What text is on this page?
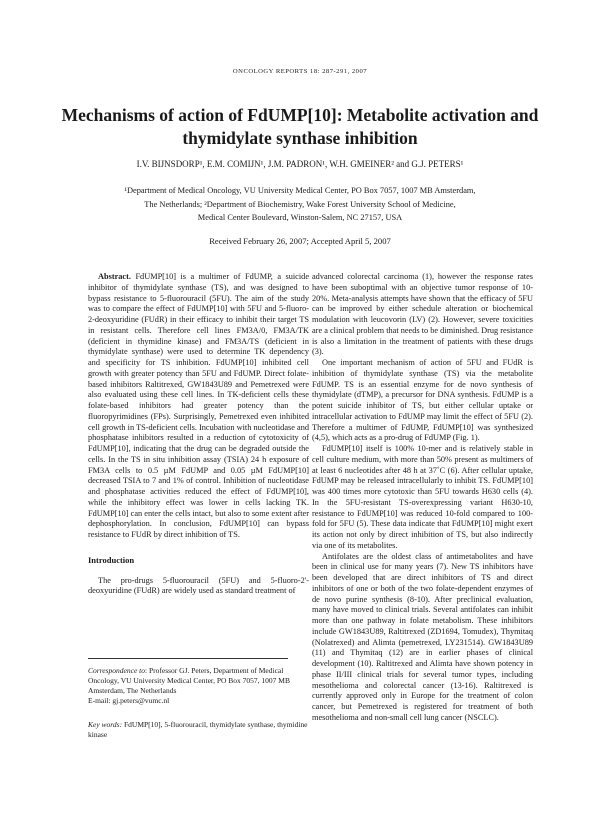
ONCOLOGY REPORTS 18: 287-291, 2007
Mechanisms of action of FdUMP[10]: Metabolite activation and thymidylate synthase inhibition
I.V. BIJNSDORP¹, E.M. COMIJN¹, J.M. PADRON¹, W.H. GMEINER² and G.J. PETERS¹
¹Department of Medical Oncology, VU University Medical Center, PO Box 7057, 1007 MB Amsterdam,
The Netherlands; ²Department of Biochemistry, Wake Forest University School of Medicine,
Medical Center Boulevard, Winston-Salem, NC 27157, USA
Received February 26, 2007; Accepted April 5, 2007

Abstract. FdUMP[10] is a multimer of FdUMP, a suicide inhibitor of thymidylate synthase (TS), and was designed to bypass resistance to 5-fluorouracil (5FU). The aim of the study was to compare the effect of FdUMP[10] with 5FU and 5-fluoro-2-deoxyuridine (FUdR) in their efficacy to inhibit their target TS in resistant cells. Therefore cell lines FM3A/0, FM3A/TK (deficient in thymidine kinase) and FM3A/TS (deficient in thymidylate synthase) were used to determine TK dependency and specificity for TS inhibition. FdUMP[10] inhibited cell growth with greater potency than 5FU and FdUMP. Direct folate-based inhibitors Raltitrexed, GW1843U89 and Pemetrexed were also evaluated using these cell lines. In TK-deficient cells these folate-based inhibitors had greater potency than the fluoropyrimidines (FPs). Surprisingly, Pemetrexed even inhibited cell growth in TS-deficient cells. Incubation with nucleotidase and phosphatase inhibitors resulted in a reduction of cytotoxicity of FdUMP[10], indicating that the drug can be degraded outside the cells. In the TS in situ inhibition assay (TSIA) 24 h exposure of FM3A cells to 0.5 µM FdUMP and 0.05 µM FdUMP[10] decreased TSIA to 7 and 1% of control. Inhibition of nucleotidase and phosphatase activities reduced the effect of FdUMP[10], while the inhibitory effect was lower in cells lacking TK. FdUMP[10] can enter the cells intact, but also to some extent after dephosphorylation. In conclusion, FdUMP[10] can bypass resistance to FUdR by direct inhibition of TS.

Introduction

The pro-drugs 5-fluorouracil (5FU) and 5-fluoro-2'-deoxyuridine (FUdR) are widely used as standard treatment of

advanced colorectal carcinoma (1), however the response rates have been suboptimal with an objective tumor response of 10-20%. Meta-analysis attempts have shown that the efficacy of 5FU can be improved by either schedule alteration or biochemical modulation with leucovorin (LV) (2). However, severe toxicities are a clinical problem that needs to be diminished. Drug resistance is also a limitation in the treatment of patients with these drugs (3).

One important mechanism of action of 5FU and FUdR is inhibition of thymidylate synthase (TS) via the metabolite FdUMP. TS is an essential enzyme for de novo synthesis of thymidylate (dTMP), a precursor for DNA synthesis. FdUMP is a potent suicide inhibitor of TS, but either cellular uptake or intracellular activation to FdUMP may limit the effect of 5FU (2). Therefore a multimer of FdUMP, FdUMP[10] was synthesized (4,5), which acts as a pro-drug of FdUMP (Fig. 1).

FdUMP[10] itself is 100% 10-mer and is relatively stable in cell culture medium, with more than 50% present as multimers of at least 6 nucleotides after 48 h at 37˚C (6). After cellular uptake, FdUMP may be released intracellularly to inhibit TS. FdUMP[10] was 400 times more cytotoxic than 5FU towards H630 cells (4). In the 5FU-resistant TS-overexpressing variant H630-10, resistance to FdUMP[10] was reduced 10-fold compared to 100-fold for 5FU (5). These data indicate that FdUMP[10] might exert its action not only by direct inhibition of TS, but also indirectly via one of its metabolites.

Antifolates are the oldest class of antimetabolites and have been in clinical use for many years (7). New TS inhibitors have been developed that are direct inhibitors of TS and direct inhibitors of one or both of the two folate-dependent enzymes of de novo purine synthesis (8-10). After preclinical evaluation, many have moved to clinical trials. Several antifolates can inhibit more than one pathway in folate metabolism. These inhibitors include GW1843U89, Raltitrexed (ZD1694, Tomudex), Thymitaq (Nolatrexed) and Alimta (pemetrexed, LY231514). GW1843U89 (11) and Thymitaq (12) are in earlier phases of clinical development (10). Raltitrexed and Alimta have shown potency in phase II/III clinical trials for several tumor types, including mesothelioma and colorectal cancer (13-16). Raltitrexed is currently approved only in Europe for the treatment of colon cancer, but Pemetrexed is registered for treatment of both mesothelioma and non-small cell lung cancer (NSCLC).

Correspondence to: Professor GJ. Peters, Department of Medical Oncology, VU University Medical Center, PO Box 7057, 1007 MB Amsterdam, The Netherlands

E-mail: gj.peters@vumc.nl

Key words: FdUMP[10], 5-fluorouracil, thymidylate synthase, thymidine kinase
